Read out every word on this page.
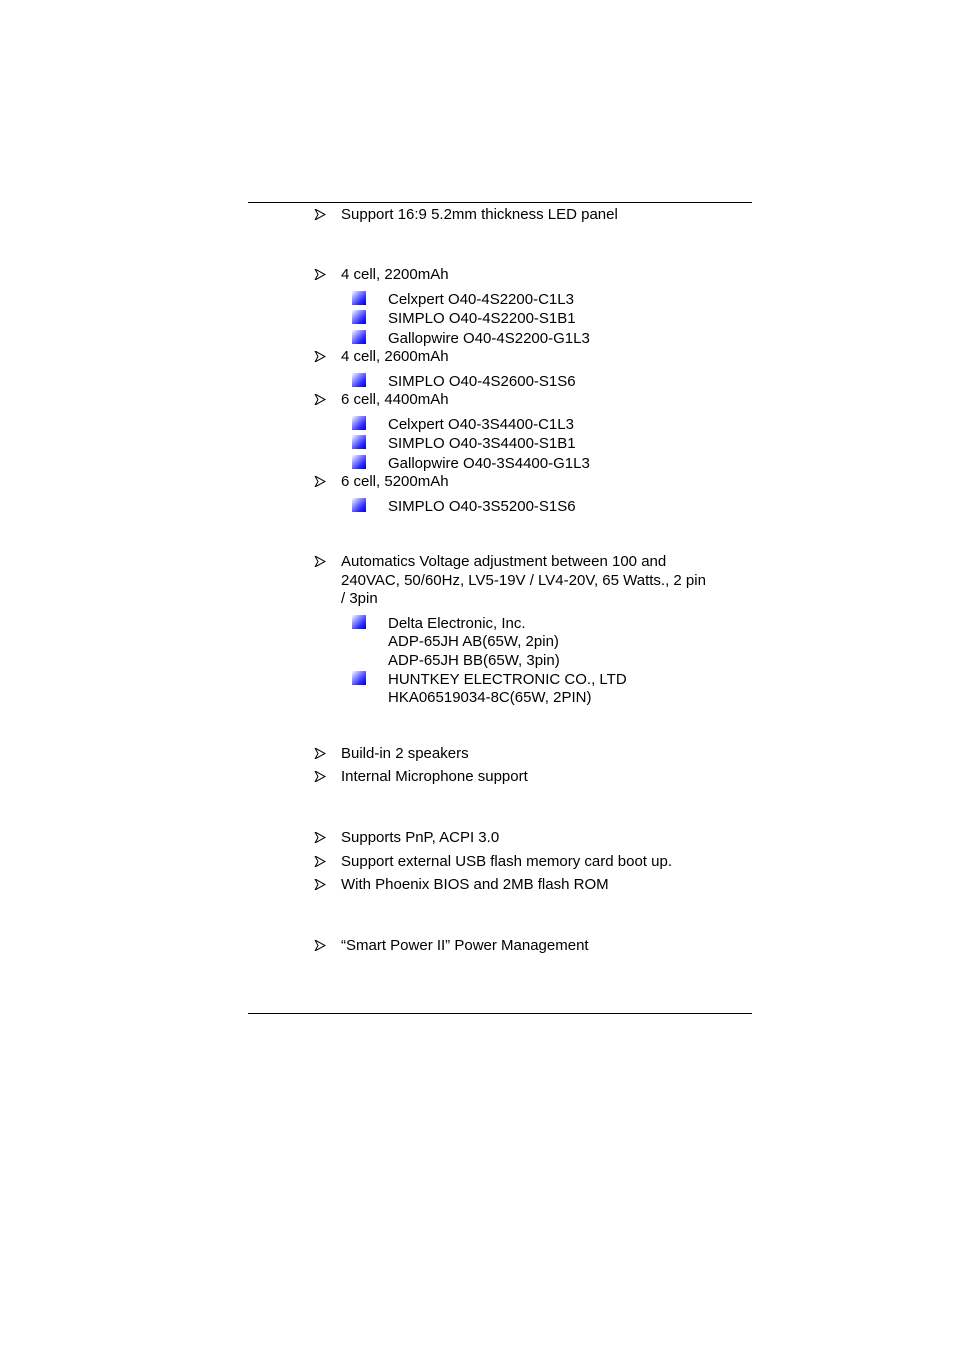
Support 16:9 5.2mm thickness LED panel
4 cell, 2200mAh
Celxpert O40-4S2200-C1L3
SIMPLO O40-4S2200-S1B1
Gallopwire O40-4S2200-G1L3
4 cell, 2600mAh
SIMPLO O40-4S2600-S1S6
6 cell, 4400mAh
Celxpert O40-3S4400-C1L3
SIMPLO O40-3S4400-S1B1
Gallopwire O40-3S4400-G1L3
6 cell, 5200mAh
SIMPLO O40-3S5200-S1S6
Automatics Voltage adjustment between 100 and
240VAC, 50/60Hz, LV5-19V / LV4-20V, 65 Watts., 2 pin
/ 3pin
Delta Electronic, Inc.
ADP-65JH AB(65W, 2pin)
ADP-65JH BB(65W, 3pin)
HUNTKEY ELECTRONIC CO., LTD
HKA06519034-8C(65W, 2PIN)
Build-in 2 speakers
Internal Microphone support
Supports PnP, ACPI 3.0
Support external USB flash memory card boot up.
With Phoenix BIOS and 2MB flash ROM
“Smart Power II” Power Management
